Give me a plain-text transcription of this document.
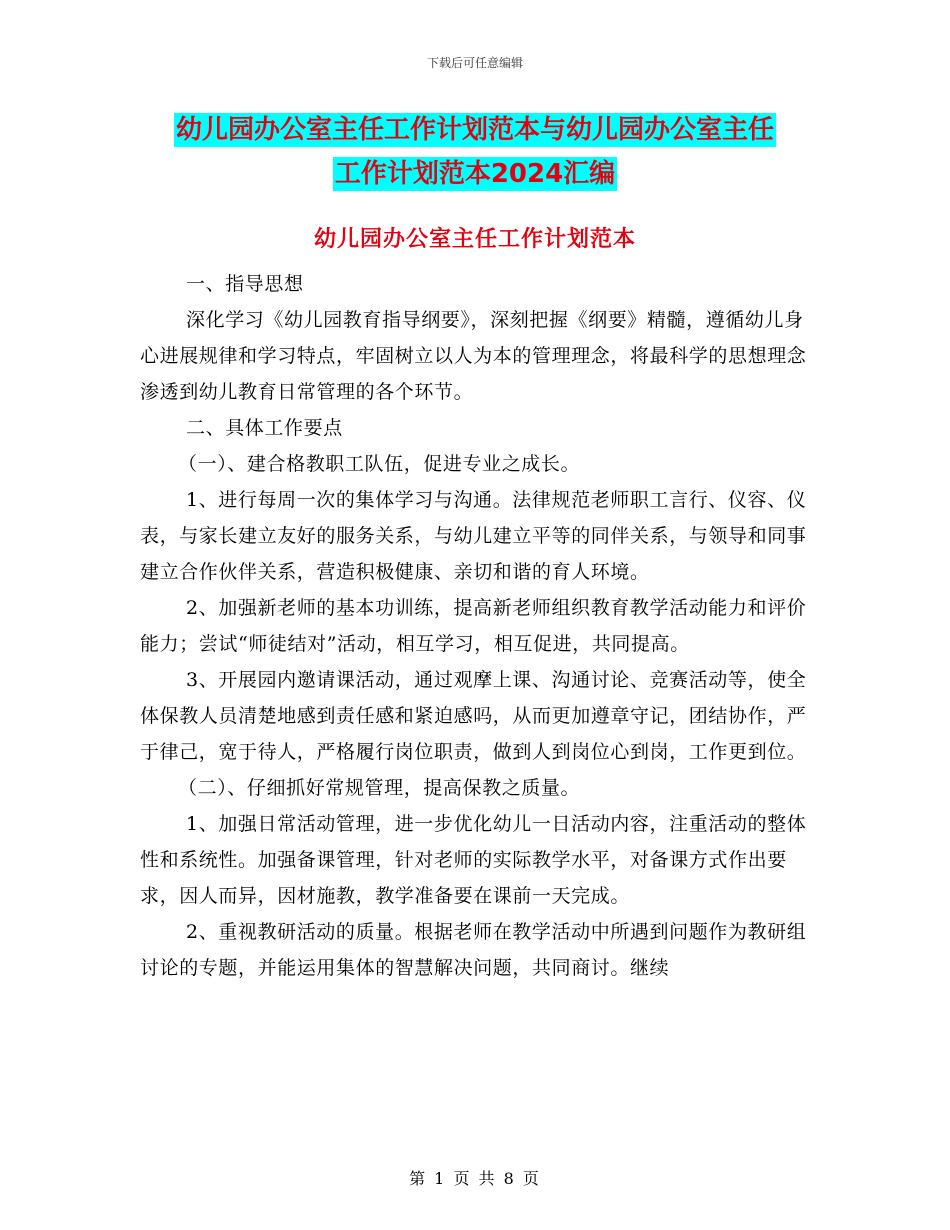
下载后可任意编辑
幼儿园办公室主任工作计划范本与幼儿园办公室主任
工作计划范本2024汇编
幼儿园办公室主任工作计划范本

一、指导思想

深化学习《幼儿园教育指导纲要》，深刻把握《纲要》精髓，遵循幼儿身心进展规律和学习特点，牢固树立以人为本的管理理念，将最科学的思想理念渗透到幼儿教育日常管理的各个环节。

二、具体工作要点

（一）、建合格教职工队伍，促进专业之成长。

1、进行每周一次的集体学习与沟通。法律规范老师职工言行、仪容、仪表，与家长建立友好的服务关系，与幼儿建立平等的同伴关系，与领导和同事建立合作伙伴关系，营造积极健康、亲切和谐的育人环境。

2、加强新老师的基本功训练，提高新老师组织教育教学活动能力和评价能力；尝试“师徒结对”活动，相互学习，相互促进，共同提高。

3、开展园内邀请课活动，通过观摩上课、沟通讨论、竞赛活动等，使全体保教人员清楚地感到责任感和紧迫感吗，从而更加遵章守记，团结协作，严于律己，宽于待人，严格履行岗位职责，做到人到岗位心到岗，工作更到位。

（二）、仔细抓好常规管理，提高保教之质量。

1、加强日常活动管理，进一步优化幼儿一日活动内容，注重活动的整体性和系统性。加强备课管理，针对老师的实际教学水平，对备课方式作出要求，因人而异，因材施教，教学准备要在课前一天完成。

2、重视教研活动的质量。根据老师在教学活动中所遇到问题作为教研组讨论的专题，并能运用集体的智慧解决问题，共同商讨。继续

第 1 页 共 8 页
